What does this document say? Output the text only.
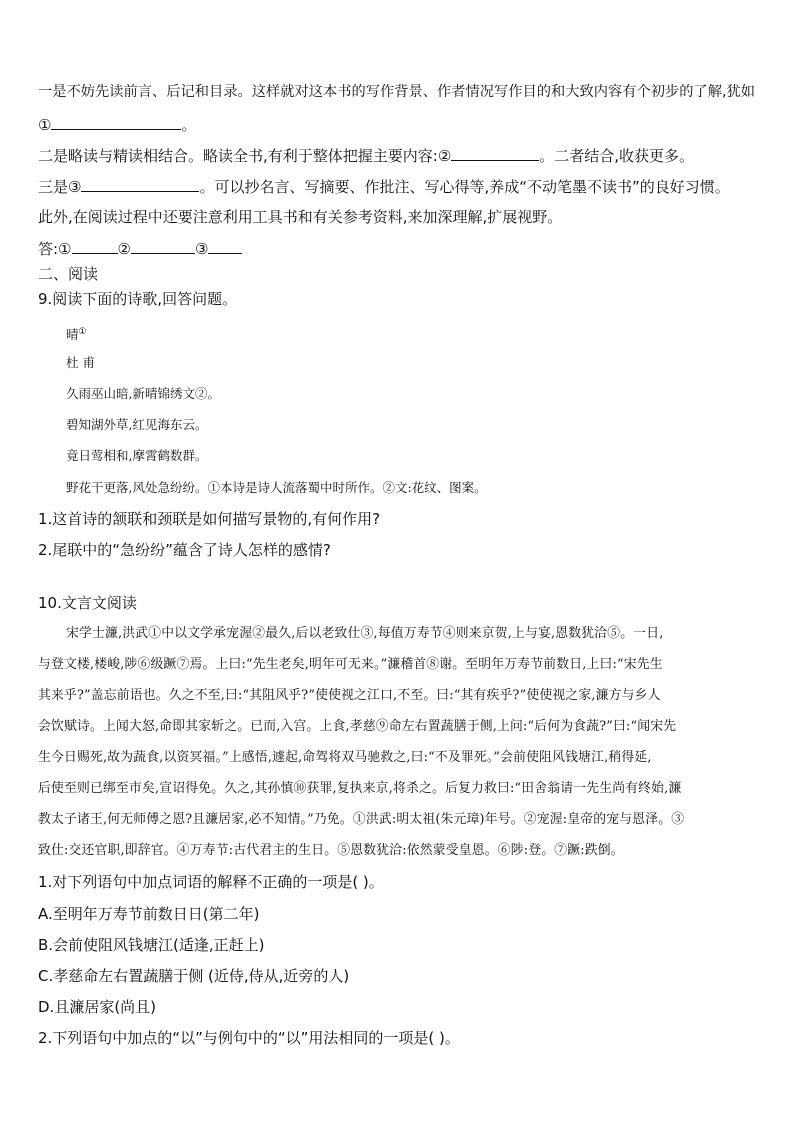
一是不妨先读前言、后记和目录。这样就对这本书的写作背景、作者情况写作目的和大致内容有个初步的了解,犹如
①	。
二是略读与精读相结合。略读全书,有利于整体把握主要内容:②	。二者结合,收获更多。
三是③	。可以抄名言、写摘要、作批注、写心得等,养成“不动笔墨不读书”的良好习惯。
此外,在阅读过程中还要注意利用工具书和有关参考资料,来加深理解,扩展视野。
答:①	②	③
二、阅读
9.阅读下面的诗歌,回答问题。
晴①
杜 甫
久雨巫山暗,新晴锦绣文②。
碧知湖外草,红见海东云。
竟日莺相和,摩霄鹤数群。
野花干更落,风处急纷纷。①本诗是诗人流落蜀中时所作。②文:花纹、图案。
1.这首诗的颔联和颈联是如何描写景物的,有何作用?
2.尾联中的“急纷纷”蕴含了诗人怎样的感情?
10.文言文阅读
宋学士濂,洪武①中以文学承宠渥②最久,后以老致仕③,每值万寿节④则来京贺,上与宴,恩数犹洽⑤。一日,
与登文楼,楼峻,陟⑥级蹶⑦焉。上曰:“先生老矣,明年可无来。”濂稽首⑧谢。至明年万寿节前数日,上曰:“宋先生
其来乎?”盖忘前语也。久之不至,曰:“其阻风乎?”使使视之江口,不至。曰:“其有疾乎?”使使视之家,濂方与乡人
会饮赋诗。上闻大怒,命即其家斩之。已而,入宫。上食,孝慈⑨命左右置蔬膳于侧,上问:“后何为食蔬?”曰:“闻宋先
生今日赐死,故为蔬食,以资冥福。”上感悟,遽起,命驾将双马驰救之,曰:“不及罪死。”会前使阻风钱塘江,稍得延,
后使至则已绑至市矣,宣诏得免。久之,其孙慎⑩获罪,复执来京,将杀之。后复力救曰:“田舍翁请一先生尚有终始,濂
教太子诸王,何无师傅之恩?且濂居家,必不知情。”乃免。①洪武:明太祖(朱元璋)年号。②宠渥:皇帝的宠与恩泽。③
致仕:交还官职,即辞官。④万寿节:古代君主的生日。⑤恩数犹洽:依然蒙受皇恩。⑥陟:登。⑦蹶:跌倒。
1.对下列语句中加点词语的解释不正确的一项是( )。
A.至明年万寿节前数日日(第二年)
B.会前使阻风钱塘江(适逢,正赶上)
C.孝慈命左右置蔬膳于侧 (近侍,侍从,近旁的人)
D.且濂居家(尚且)
2.下列语句中加点的“以”与例句中的“以”用法相同的一项是( )。
